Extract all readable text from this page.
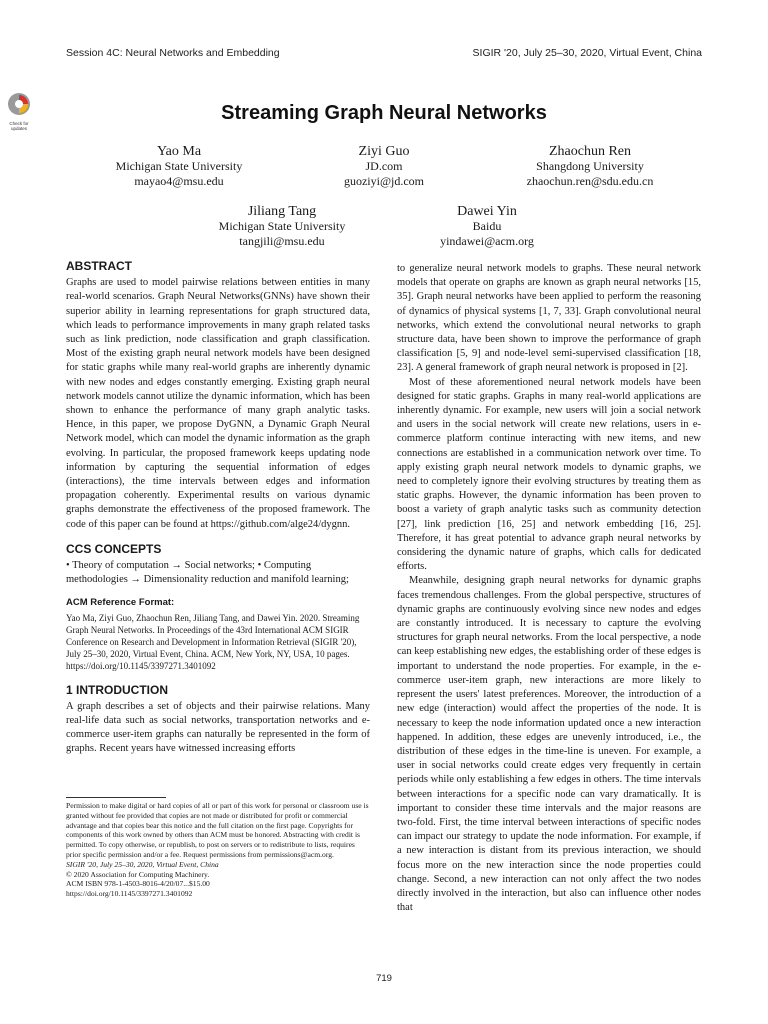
Session 4C: Neural Networks and Embedding	SIGIR '20, July 25–30, 2020, Virtual Event, China
Check for
updates
Streaming Graph Neural Networks
Yao Ma
Michigan State University
mayao4@msu.edu
Ziyi Guo
JD.com
guoziyi@jd.com
Zhaochun Ren
Shangdong University
zhaochun.ren@sdu.edu.cn
Jiliang Tang
Michigan State University
tangjili@msu.edu
Dawei Yin
Baidu
yindawei@acm.org
ABSTRACT

Graphs are used to model pairwise relations between entities in many real-world scenarios. Graph Neural Networks(GNNs) have shown their superior ability in learning representations for graph structured data, which leads to performance improvements in many graph related tasks such as link prediction, node classification and graph classification. Most of the existing graph neural network models have been designed for static graphs while many real-world graphs are inherently dynamic with new nodes and edges constantly emerging. Existing graph neural network models cannot utilize the dynamic information, which has been shown to enhance the performance of many graph analytic tasks. Hence, in this paper, we propose DyGNN, a Dynamic Graph Neural Network model, which can model the dynamic information as the graph evolving. In particular, the proposed framework keeps updating node information by capturing the sequential information of edges (interactions), the time intervals between edges and information propagation coherently. Experimental results on various dynamic graphs demonstrate the effectiveness of the proposed framework. The code of this paper can be found at https://github.com/alge24/dygnn.

CCS CONCEPTS

• Theory of computation → Social networks; • Computing methodologies → Dimensionality reduction and manifold learning;

ACM Reference Format:

Yao Ma, Ziyi Guo, Zhaochun Ren, Jiliang Tang, and Dawei Yin. 2020. Streaming Graph Neural Networks. In Proceedings of the 43rd International ACM SIGIR Conference on Research and Development in Information Retrieval (SIGIR '20), July 25–30, 2020, Virtual Event, China. ACM, New York, NY, USA, 10 pages. https://doi.org/10.1145/3397271.3401092

1 INTRODUCTION

A graph describes a set of objects and their pairwise relations. Many real-life data such as social networks, transportation networks and e-commerce user-item graphs can naturally be represented in the form of graphs. Recent years have witnessed increasing efforts

Permission to make digital or hard copies of all or part of this work for personal or classroom use is granted without fee provided that copies are not made or distributed for profit or commercial advantage and that copies bear this notice and the full citation on the first page. Copyrights for components of this work owned by others than ACM must be honored. Abstracting with credit is permitted. To copy otherwise, or republish, to post on servers or to redistribute to lists, requires prior specific permission and/or a fee. Request permissions from permissions@acm.org.

SIGIR '20, July 25–30, 2020, Virtual Event, China

© 2020 Association for Computing Machinery.

ACM ISBN 978-1-4503-8016-4/20/07...$15.00

https://doi.org/10.1145/3397271.3401092

to generalize neural network models to graphs. These neural network models that operate on graphs are known as graph neural networks [15, 35]. Graph neural networks have been applied to perform the reasoning of dynamics of physical systems [1, 7, 33]. Graph convolutional neural networks, which extend the convolutional neural networks to graph structure data, have been shown to improve the performance of graph classification [5, 9] and node-level semi-supervised classification [18, 23]. A general framework of graph neural network is proposed in [2].

Most of these aforementioned neural network models have been designed for static graphs. Graphs in many real-world applications are inherently dynamic. For example, new users will join a social network and users in the social network will create new relations, users in e-commerce platform continue interacting with new items, and new connections are established in a communication network over time. To apply existing graph neural network models to dynamic graphs, we need to completely ignore their evolving structures by treating them as static graphs. However, the dynamic information has been proven to boost a variety of graph analytic tasks such as community detection [27], link prediction [16, 25] and network embedding [16, 25]. Therefore, it has great potential to advance graph neural networks by considering the dynamic nature of graphs, which calls for dedicated efforts.

Meanwhile, designing graph neural networks for dynamic graphs faces tremendous challenges. From the global perspective, structures of dynamic graphs are continuously evolving since new nodes and edges are constantly introduced. It is necessary to capture the evolving structures for graph neural networks. From the local perspective, a node can keep establishing new edges, the establishing order of these edges is important to understand the node properties. For example, in the e-commerce user-item graph, new interactions are more likely to represent the users' latest preferences. Moreover, the introduction of a new edge (interaction) would affect the properties of the node. It is necessary to keep the node information updated once a new interaction happened. In addition, these edges are unevenly introduced, i.e., the distribution of these edges in the time-line is uneven. For example, a user in social networks could create edges very frequently in certain periods while only establishing a few edges in others. The time intervals between interactions for a specific node can vary dramatically. It is important to consider these time intervals and the major reasons are two-fold. First, the time interval between interactions of specific nodes can impact our strategy to update the node information. For example, if a new interaction is distant from its previous interaction, we should focus more on the new interaction since the node properties could change. Second, a new interaction can not only affect the two nodes directly involved in the interaction, but also can influence other nodes that

719
